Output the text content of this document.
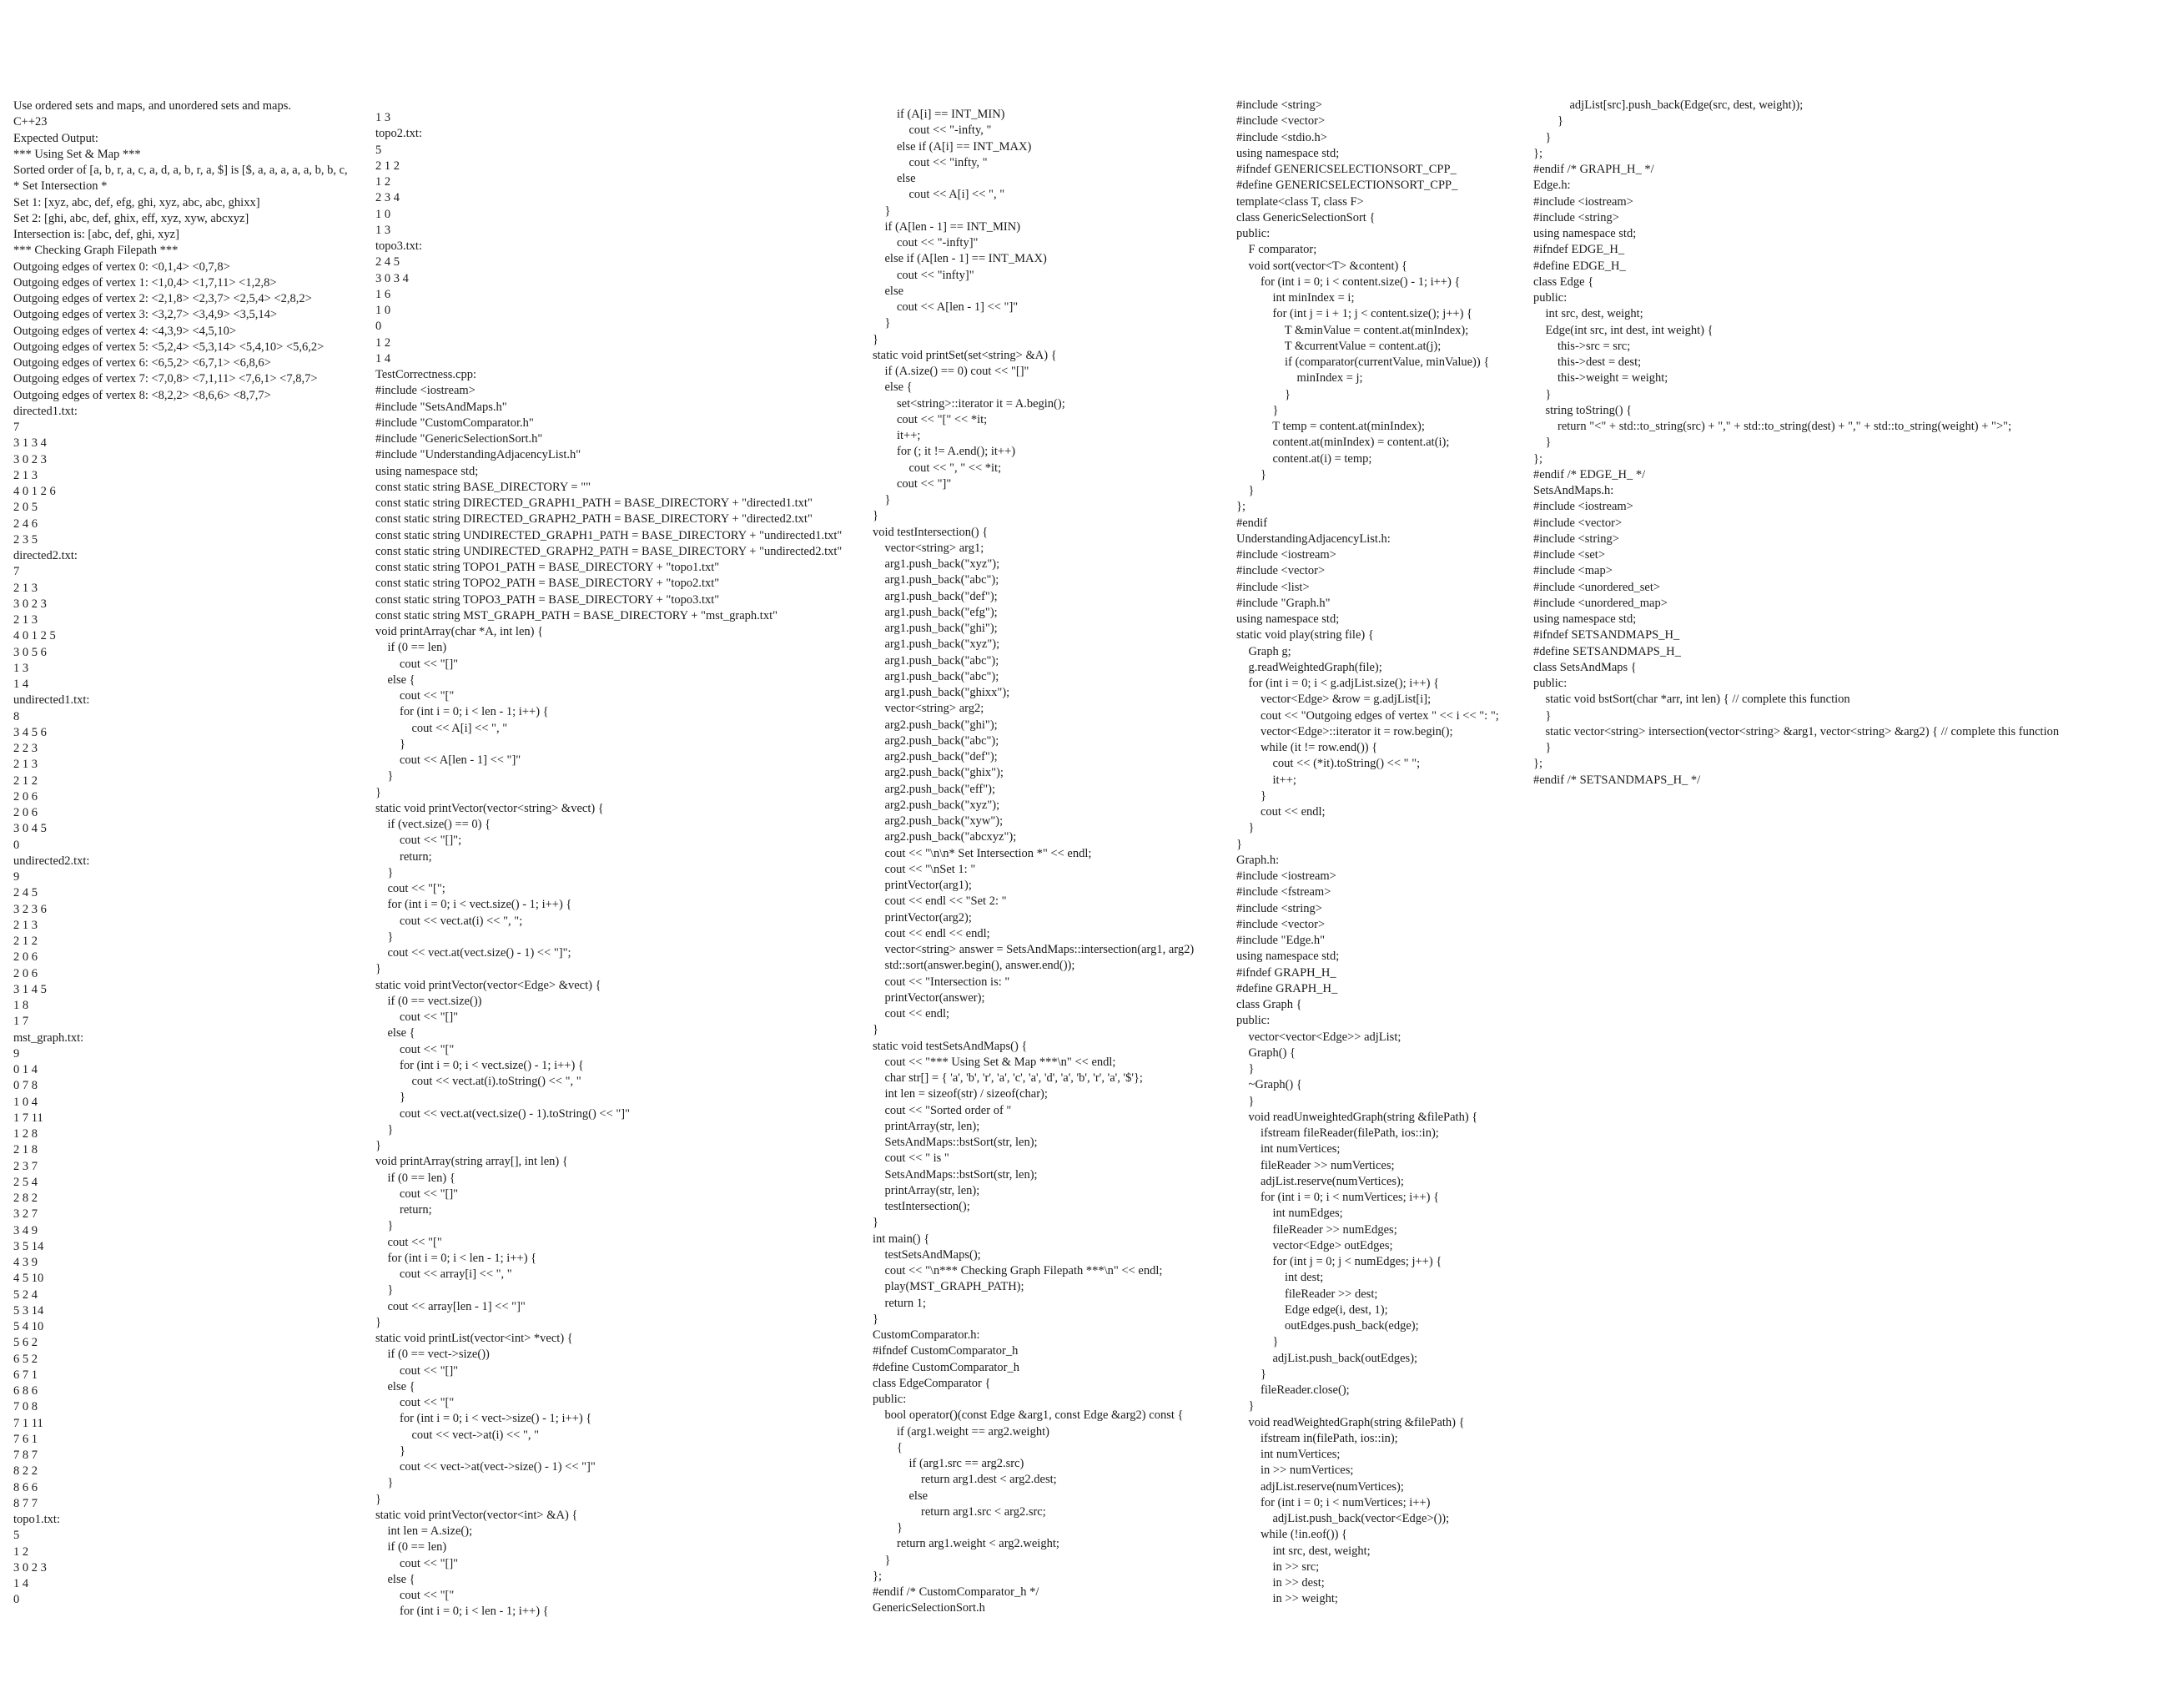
Use ordered sets and maps, and unordered sets and maps.
C++23
Expected Output:
*** Using Set & Map ***
Sorted order of [a, b, r, a, c, a, d, a, b, r, a, $] is [$, a, a, a, a, a, b, b, c,
* Set Intersection *
Set 1: [xyz, abc, def, efg, ghi, xyz, abc, abc, ghixx]
Set 2: [ghi, abc, def, ghix, eff, xyz, xyw, abcxyz]
Intersection is: [abc, def, ghi, xyz]
*** Checking Graph Filepath ***
Outgoing edges of vertex 0: <0,1,4> <0,7,8>
Outgoing edges of vertex 1: <1,0,4> <1,7,11> <1,2,8>
Outgoing edges of vertex 2: <2,1,8> <2,3,7> <2,5,4> <2,8,2>
Outgoing edges of vertex 3: <3,2,7> <3,4,9> <3,5,14>
Outgoing edges of vertex 4: <4,3,9> <4,5,10>
Outgoing edges of vertex 5: <5,2,4> <5,3,14> <5,4,10> <5,6,2>
Outgoing edges of vertex 6: <6,5,2> <6,7,1> <6,8,6>
Outgoing edges of vertex 7: <7,0,8> <7,1,11> <7,6,1> <7,8,7>
Outgoing edges of vertex 8: <8,2,2> <8,6,6> <8,7,7>
directed1.txt:
7
3 1 3 4
3 0 2 3
2 1 3
4 0 1 2 6
2 0 5
2 4 6
2 3 5
directed2.txt:
7
2 1 3
3 0 2 3
2 1 3
4 0 1 2 5
3 0 5 6
1 3
1 4
undirected1.txt:
8
3 4 5 6
2 2 3
2 1 3
2 1 2
2 0 6
2 0 6
3 0 4 5
0
undirected2.txt:
9
2 4 5
3 2 3 6
2 1 3
2 1 2
2 0 6
2 0 6
3 1 4 5
1 8
1 7
mst_graph.txt:
9
0 1 4
0 7 8
1 0 4
1 7 11
1 2 8
2 1 8
2 3 7
2 5 4
2 8 2
3 2 7
3 4 9
3 5 14
4 3 9
4 5 10
5 2 4
5 3 14
5 4 10
5 6 2
6 5 2
6 7 1
6 8 6
7 0 8
7 1 11
7 6 1
7 8 7
8 2 2
8 6 6
8 7 7
topo1.txt:
5
1 2
3 0 2 3
1 4
0
1 3
topo2.txt:
5
2 1 2
1 2
2 3 4
1 0
1 3
topo3.txt:
2 4 5
3 0 3 4
1 6
1 0
0
1 2
1 4
TestCorrectness.cpp:
#include <iostream>
#include "SetsAndMaps.h"
#include "CustomComparator.h"
#include "GenericSelectionSort.h"
#include "UnderstandingAdjacencyList.h"
using namespace std;
const static string BASE_DIRECTORY = ""
const static string DIRECTED_GRAPH1_PATH = BASE_DIRECTORY + "directed1.txt"
const static string DIRECTED_GRAPH2_PATH = BASE_DIRECTORY + "directed2.txt"
const static string UNDIRECTED_GRAPH1_PATH = BASE_DIRECTORY + "undirected1.txt"
const static string UNDIRECTED_GRAPH2_PATH = BASE_DIRECTORY + "undirected2.txt"
const static string TOPO1_PATH = BASE_DIRECTORY + "topo1.txt"
const static string TOPO2_PATH = BASE_DIRECTORY + "topo2.txt"
const static string TOPO3_PATH = BASE_DIRECTORY + "topo3.txt"
const static string MST_GRAPH_PATH = BASE_DIRECTORY + "mst_graph.txt"
void printArray(char *A, int len) {
if (0 == len)
cout << "[]"
else {
cout << "["
for (int i = 0; i < len - 1; i++) {
cout << A[i] << ", "
}
cout << A[len - 1] << "]"
}
}
static void printVector(vector<string> &vect) {
if (vect.size() == 0) {
cout << "[]";
return;
}
cout << "[";
for (int i = 0; i < vect.size() - 1; i++) {
cout << vect.at(i) << ", ";
}
cout << vect.at(vect.size() - 1) << "]";
}
static void printVector(vector<Edge> &vect) {
if (0 == vect.size())
cout << "[]"
else {
cout << "["
for (int i = 0; i < vect.size() - 1; i++) {
cout << vect.at(i).toString() << ", "
}
cout << vect.at(vect.size() - 1).toString() << "]"
}
}
void printArray(string array[], int len) {
if (0 == len) {
cout << "[]"
return;
}
cout << "["
for (int i = 0; i < len - 1; i++) {
cout << array[i] << ", "
}
cout << array[len - 1] << "]"
}
static void printList(vector<int> *vect) {
if (0 == vect->size())
cout << "[]"
else {
cout << "["
for (int i = 0; i < vect->size() - 1; i++) {
cout << vect->at(i) << ", "
}
cout << vect->at(vect->size() - 1) << "]"
}
}
static void printVector(vector<int> &A) {
int len = A.size();
if (0 == len)
cout << "[]"
else {
cout << "["
for (int i = 0; i < len - 1; i++) {
if (A[i] == INT_MIN)
cout << "-infty, "
else if (A[i] == INT_MAX)
cout << "infty, "
else
cout << A[i] << ", "
}
if (A[len - 1] == INT_MIN)
cout << "-infty]"
else if (A[len - 1] == INT_MAX)
cout << "infty]"
else
cout << A[len - 1] << "]"
}
}
static void printSet(set<string> &A) {
if (A.size() == 0) cout << "[]"
else {
set<string>::iterator it = A.begin();
cout << "[" << *it;
it++;
for (; it != A.end(); it++)
cout << ", " << *it;
cout << "]"
}
}
void testIntersection() {
vector<string> arg1;
arg1.push_back("xyz");
arg1.push_back("abc");
arg1.push_back("def");
arg1.push_back("efg");
arg1.push_back("ghi");
arg1.push_back("xyz");
arg1.push_back("abc");
arg1.push_back("abc");
arg1.push_back("ghixx");
vector<string> arg2;
arg2.push_back("ghi");
arg2.push_back("abc");
arg2.push_back("def");
arg2.push_back("ghix");
arg2.push_back("eff");
arg2.push_back("xyz");
arg2.push_back("xyw");
arg2.push_back("abcxyz");
cout << "\n\n* Set Intersection *" << endl;
cout << "\nSet 1: "
printVector(arg1);
cout << endl << "Set 2: "
printVector(arg2);
cout << endl << endl;
vector<string> answer = SetsAndMaps::intersection(arg1, arg2)
std::sort(answer.begin(), answer.end());
cout << "Intersection is: "
printVector(answer);
cout << endl;
}
static void testSetsAndMaps() {
cout << "*** Using Set & Map ***\n" << endl;
char str[] = { 'a', 'b', 'r', 'a', 'c', 'a', 'd', 'a', 'b', 'r', 'a', '$'};
int len = sizeof(str) / sizeof(char);
cout << "Sorted order of "
printArray(str, len);
SetsAndMaps::bstSort(str, len);
cout << " is "
SetsAndMaps::bstSort(str, len);
printArray(str, len);
testIntersection();
}
int main() {
testSetsAndMaps();
cout << "\n*** Checking Graph Filepath ***\n" << endl;
play(MST_GRAPH_PATH);
return 1;
}
CustomComparator.h:
#ifndef CustomComparator_h
#define CustomComparator_h
class EdgeComparator {
public:
bool operator()(const Edge &arg1, const Edge &arg2) const {
if (arg1.weight == arg2.weight)
{
if (arg1.src == arg2.src)
return arg1.dest < arg2.dest;
else
return arg1.src < arg2.src;
}
return arg1.weight < arg2.weight;
}
};
#endif /* CustomComparator_h */
GenericSelectionSort.h
#include <string>
#include <vector>
#include <stdio.h>
using namespace std;
#ifndef GENERICSELECTIONSORT_CPP_
#define GENERICSELECTIONSORT_CPP_
template<class T, class F>
class GenericSelectionSort {
public:
F comparator;
void sort(vector<T> &content) {
for (int i = 0; i < content.size() - 1; i++) {
int minIndex = i;
for (int j = i + 1; j < content.size(); j++) {
T &minValue = content.at(minIndex);
T &currentValue = content.at(j);
if (comparator(currentValue, minValue)) {
minIndex = j;
}
}
T temp = content.at(minIndex);
content.at(minIndex) = content.at(i);
content.at(i) = temp;
}
}
};
#endif
UnderstandingAdjacencyList.h:
#include <iostream>
#include <vector>
#include <list>
#include "Graph.h"
using namespace std;
static void play(string file) {
Graph g;
g.readWeightedGraph(file);
for (int i = 0; i < g.adjList.size(); i++) {
vector<Edge> &row = g.adjList[i];
cout << "Outgoing edges of vertex " << i << ": ";
vector<Edge>::iterator it = row.begin();
while (it != row.end()) {
cout << (*it).toString() << " ";
it++;
}
cout << endl;
}
}
Graph.h:
#include <iostream>
#include <fstream>
#include <string>
#include <vector>
#include "Edge.h"
using namespace std;
#ifndef GRAPH_H_
#define GRAPH_H_
class Graph {
public:
vector<vector<Edge>> adjList;
Graph() {
}
~Graph() {
}
void readUnweightedGraph(string &filePath) {
ifstream fileReader(filePath, ios::in);
int numVertices;
fileReader >> numVertices;
adjList.reserve(numVertices);
for (int i = 0; i < numVertices; i++) {
int numEdges;
fileReader >> numEdges;
vector<Edge> outEdges;
for (int j = 0; j < numEdges; j++) {
int dest;
fileReader >> dest;
Edge edge(i, dest, 1);
outEdges.push_back(edge);
}
adjList.push_back(outEdges);
}
fileReader.close();
}
void readWeightedGraph(string &filePath) {
ifstream in(filePath, ios::in);
int numVertices;
in >> numVertices;
adjList.reserve(numVertices);
for (int i = 0; i < numVertices; i++)
adjList.push_back(vector<Edge>());
while (!in.eof()) {
int src, dest, weight;
in >> src;
in >> dest;
in >> weight;
adjList[src].push_back(Edge(src, dest, weight));
}
}
};
#endif /* GRAPH_H_ */
Edge.h:
#include <iostream>
#include <string>
using namespace std;
#ifndef EDGE_H_
#define EDGE_H_
class Edge {
public:
int src, dest, weight;
Edge(int src, int dest, int weight) {
this->src = src;
this->dest = dest;
this->weight = weight;
}
string toString() {
return "<" + std::to_string(src) + "," + std::to_string(dest) + "," + std::to_string(weight) + ">";
}
};
#endif /* EDGE_H_ */
SetsAndMaps.h:
#include <iostream>
#include <vector>
#include <string>
#include <set>
#include <map>
#include <unordered_set>
#include <unordered_map>
using namespace std;
#ifndef SETSANDMAPS_H_
#define SETSANDMAPS_H_
class SetsAndMaps {
public:
static void bstSort(char *arr, int len) { // complete this function
}
static vector<string> intersection(vector<string> &arg1, vector<string> &arg2) { // complete this function
}
};
#endif /* SETSANDMAPS_H_ */
